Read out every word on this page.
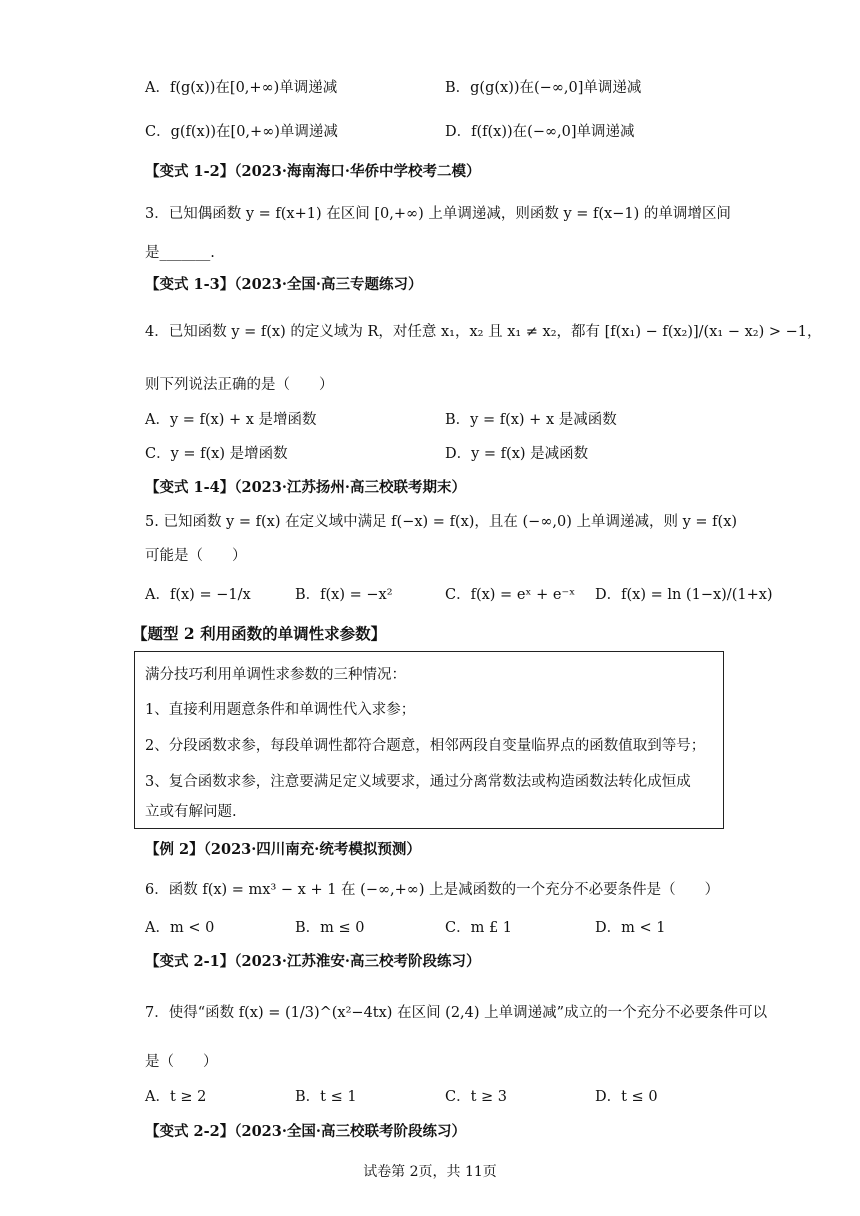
A．f(g(x))在[0,+∞)单调递减	B．g(g(x))在(−∞,0]单调递减
C．g(f(x))在[0,+∞)单调递减	D．f(f(x))在(−∞,0]单调递减
【变式 1-2】（2023·海南海口·华侨中学校考二模）
3．已知偶函数 y = f(x+1) 在区间 [0,+∞) 上单调递减，则函数 y = f(x−1) 的单调增区间
是_______.
【变式 1-3】（2023·全国·高三专题练习）
4．已知函数 y = f(x) 的定义域为 R，对任意 x₁，x₂ 且 x₁ ≠ x₂，都有 [f(x₁) − f(x₂)]/(x₁ − x₂) > −1，
则下列说法正确的是（　　）
A．y = f(x) + x 是增函数	B．y = f(x) + x 是减函数
C．y = f(x) 是增函数	D．y = f(x) 是减函数
【变式 1-4】（2023·江苏扬州·高三校联考期末）
5. 已知函数 y = f(x) 在定义域中满足 f(−x) = f(x)，且在 (−∞,0) 上单调递减，则 y = f(x)
可能是（　　）
A．f(x) = −1/x	B．f(x) = −x²	C．f(x) = eˣ + e⁻ˣ D．f(x) = ln (1−x)/(1+x)
【题型 2 利用函数的单调性求参数】
满分技巧利用单调性求参数的三种情况：
1、直接利用题意条件和单调性代入求参；
2、分段函数求参，每段单调性都符合题意，相邻两段自变量临界点的函数值取到等号；
3、复合函数求参，注意要满足定义域要求，通过分离常数法或构造函数法转化成恒成
立或有解问题.
【例 2】（2023·四川南充·统考模拟预测）
6．函数 f(x) = mx³ − x + 1 在 (−∞,+∞) 上是减函数的一个充分不必要条件是（　　）
A．m < 0	B．m ≤ 0	C．m £ 1	D．m < 1
【变式 2-1】（2023·江苏淮安·高三校考阶段练习）
7．使得“函数 f(x) = (1/3)^(x²−4tx) 在区间 (2,4) 上单调递减”成立的一个充分不必要条件可以
是（　　）
A．t ≥ 2	B．t ≤ 1	C．t ≥ 3	D．t ≤ 0
【变式 2-2】（2023·全国·高三校联考阶段练习）
试卷第 2页，共 11页
